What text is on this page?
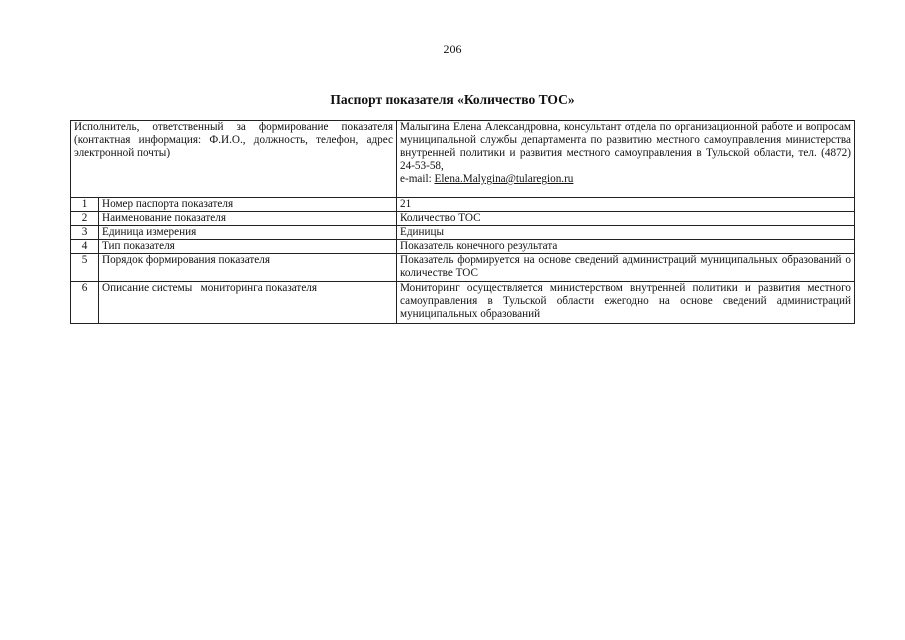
206
Паспорт показателя «Количество ТОС»
Исполнитель, ответственный за формирование показателя (контактная информация: Ф.И.О., должность, телефон, адрес электронной почты)		Малыгина Елена Александровна, консультант отдела по организационной работе и вопросам муниципальной службы департамента по развитию местного самоуправления министерства внутренней политики и развития местного самоуправления в Тульской области, тел. (4872) 24-53-58,
e-mail: Elena.Malygina@tularegion.ru
1	Номер паспорта показателя	21
2	Наименование показателя	Количество ТОС
3	Единица измерения	Единицы
4	Тип показателя	Показатель конечного результата
5	Порядок формирования показателя	Показатель формируется на основе сведений администраций муниципальных образований о количестве ТОС
6	Описание системы   мониторинга показателя	Мониторинг осуществляется министерством внутренней политики и развития местного самоуправления в Тульской области ежегодно на основе сведений администраций муниципальных образований
